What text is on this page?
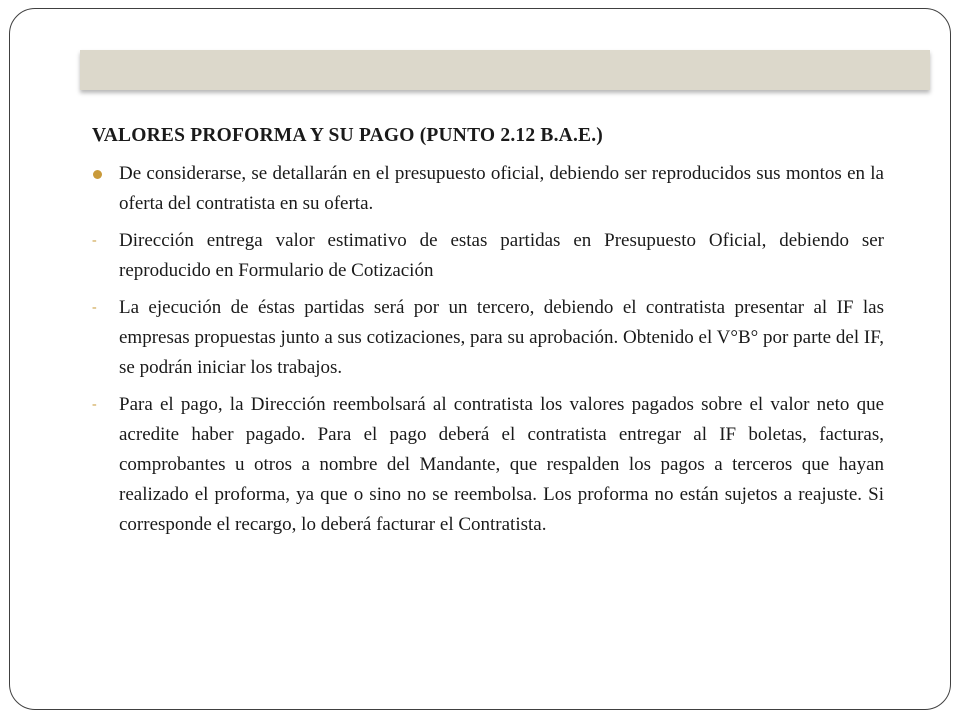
VALORES PROFORMA Y SU PAGO (PUNTO 2.12 B.A.E.)
De considerarse, se detallarán en el presupuesto oficial, debiendo ser reproducidos sus montos en la oferta del contratista en su oferta.
-	Dirección entrega valor estimativo de estas partidas en Presupuesto Oficial, debiendo ser reproducido en Formulario de Cotización
-	La ejecución de éstas partidas será por un tercero, debiendo el contratista presentar al IF las empresas propuestas junto a sus cotizaciones, para su aprobación. Obtenido el V°B° por parte del IF, se podrán iniciar los trabajos.
-	Para el pago, la Dirección reembolsará al contratista los valores pagados sobre el valor neto que acredite haber pagado. Para el pago deberá el contratista entregar al IF boletas, facturas, comprobantes u otros a nombre del Mandante, que respalden los pagos a terceros que hayan realizado el proforma, ya que o sino no se reembolsa. Los proforma no están sujetos a reajuste. Si corresponde el recargo, lo deberá facturar el Contratista.
